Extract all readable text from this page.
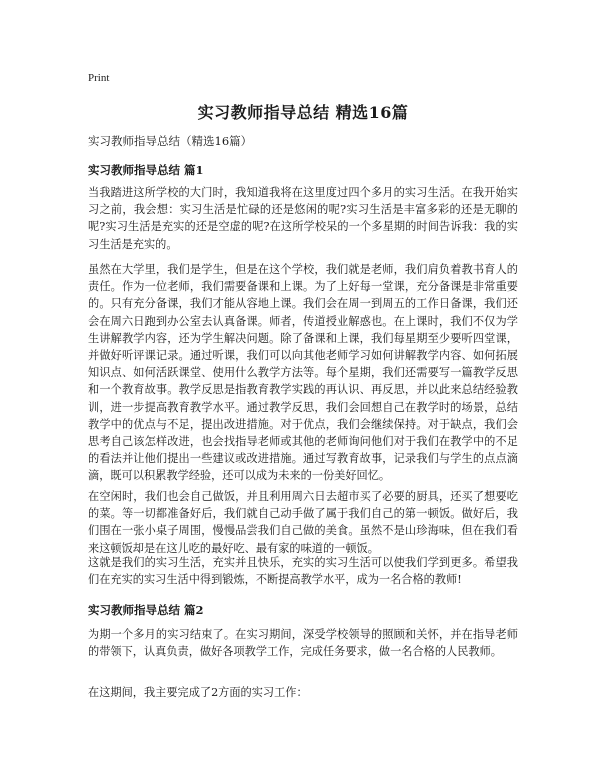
Print
实习教师指导总结 精选16篇
实习教师指导总结（精选16篇）
实习教师指导总结 篇1
当我踏进这所学校的大门时，我知道我将在这里度过四个多月的实习生活。在我开始实习之前，我会想：实习生活是忙碌的还是悠闲的呢?实习生活是丰富多彩的还是无聊的呢?实习生活是充实的还是空虚的呢?在这所学校呆的一个多星期的时间告诉我：我的实习生活是充实的。
虽然在大学里，我们是学生，但是在这个学校，我们就是老师，我们肩负着教书育人的责任。作为一位老师，我们需要备课和上课。为了上好每一堂课，充分备课是非常重要的。只有充分备课，我们才能从容地上课。我们会在周一到周五的工作日备课，我们还会在周六日跑到办公室去认真备课。师者，传道授业解惑也。在上课时，我们不仅为学生讲解教学内容，还为学生解决问题。除了备课和上课，我们每星期至少要听四堂课，并做好听评课记录。通过听课，我们可以向其他老师学习如何讲解教学内容、如何拓展知识点、如何活跃课堂、使用什么教学方法等。每个星期，我们还需要写一篇教学反思和一个教育故事。教学反思是指教育教学实践的再认识、再反思，并以此来总结经验教训，进一步提高教育教学水平。通过教学反思，我们会回想自己在教学时的场景，总结教学中的优点与不足，提出改进措施。对于优点，我们会继续保持。对于缺点，我们会思考自己该怎样改进，也会找指导老师或其他的老师询问他们对于我们在教学中的不足的看法并让他们提出一些建议或改进措施。通过写教育故事，记录我们与学生的点点滴滴，既可以积累教学经验，还可以成为未来的一份美好回忆。
在空闲时，我们也会自己做饭，并且利用周六日去超市买了必要的厨具，还买了想要吃的菜。等一切都准备好后，我们就自己动手做了属于我们自己的第一顿饭。做好后，我们围在一张小桌子周围，慢慢品尝我们自己做的美食。虽然不是山珍海味，但在我们看来这顿饭却是在这儿吃的最好吃、最有家的味道的一顿饭。
这就是我们的实习生活，充实并且快乐，充实的实习生活可以使我们学到更多。希望我们在充实的实习生活中得到锻炼，不断提高教学水平，成为一名合格的教师!
实习教师指导总结 篇2
为期一个多月的实习结束了。在实习期间，深受学校领导的照顾和关怀，并在指导老师的带领下，认真负责，做好各项教学工作，完成任务要求，做一名合格的人民教师。
在这期间，我主要完成了2方面的实习工作：
